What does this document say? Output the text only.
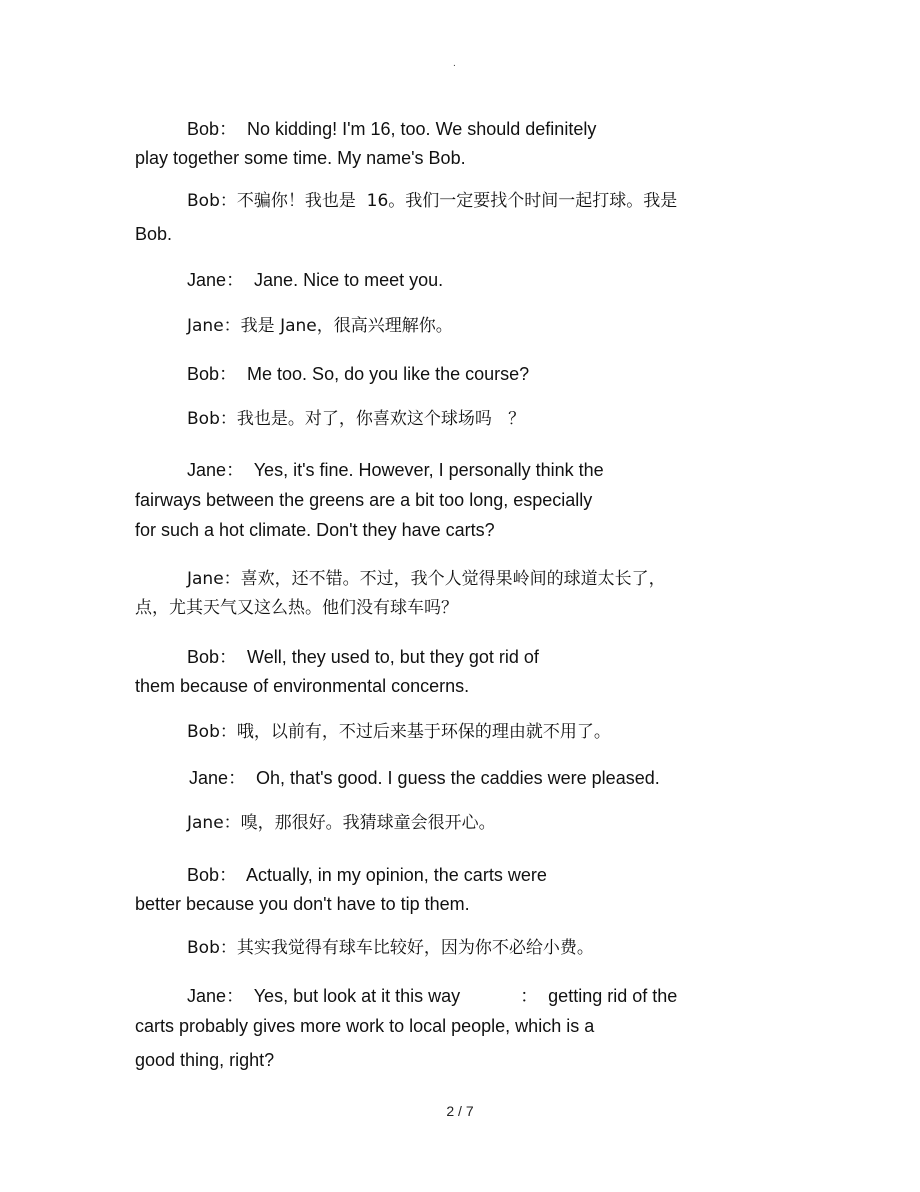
.
Bob：  No kidding! I'm 16, too. We should definitely
play together some time. My name's Bob.
Bob：不骗你！我也是  16。我们一定要找个时间一起打球。我是
Bob.
Jane：  Jane. Nice to meet you.
Jane：我是 Jane，很高兴理解你。
Bob：  Me too. So, do you like the course?
Bob：我也是。对了，你喜欢这个球场吗   ？
Jane：  Yes, it's fine. However, I personally think the
fairways between the greens are a bit too long, especially
for such a hot climate. Don't they have carts?
Jane：喜欢，还不错。不过，我个人觉得果岭间的球道太长了，
点，尤其天气又这么热。他们没有球车吗？
Bob：  Well, they used to, but they got rid of
them because of environmental concerns.
Bob：哦，以前有，不过后来基于环保的理由就不用了。
Jane：  Oh, that's good. I guess the caddies were pleased.
Jane：嗅，那很好。我猜球童会很开心。
Bob：  Actually, in my opinion, the carts were
better because you don't have to tip them.
Bob：其实我觉得有球车比较好，因为你不必给小费。
Jane：  Yes, but look at it this way            ：  getting rid of the
carts probably gives more work to local people, which is a
good thing, right?
2 / 7
